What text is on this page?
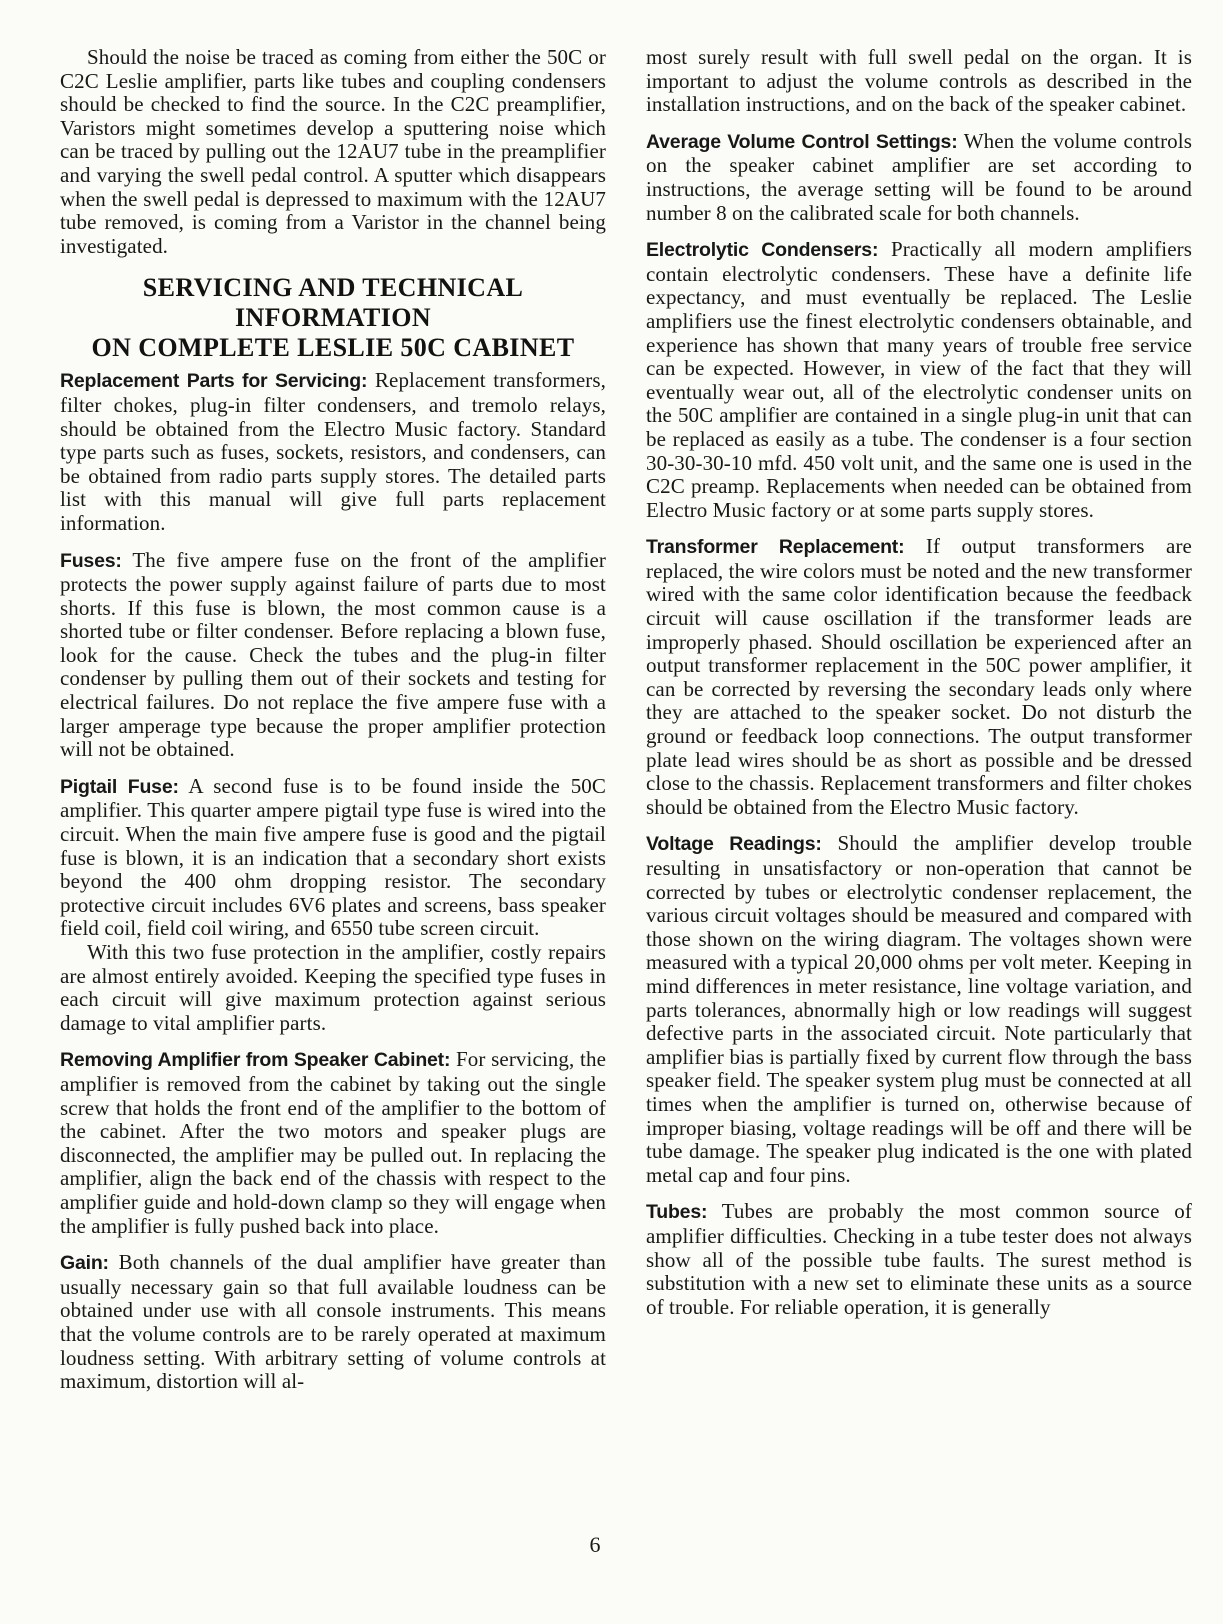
Should the noise be traced as coming from either the 50C or C2C Leslie amplifier, parts like tubes and coupling condensers should be checked to find the source. In the C2C preamplifier, Varistors might sometimes develop a sputtering noise which can be traced by pulling out the 12AU7 tube in the preamplifier and varying the swell pedal control. A sputter which disappears when the swell pedal is depressed to maximum with the 12AU7 tube removed, is coming from a Varistor in the channel being investigated.

SERVICING AND TECHNICAL
INFORMATION
ON COMPLETE LESLIE 50C CABINET

Replacement Parts for Servicing: Replacement transformers, filter chokes, plug-in filter condensers, and tremolo relays, should be obtained from the Electro Music factory. Standard type parts such as fuses, sockets, resistors, and condensers, can be obtained from radio parts supply stores. The detailed parts list with this manual will give full parts replacement information.

Fuses: The five ampere fuse on the front of the amplifier protects the power supply against failure of parts due to most shorts. If this fuse is blown, the most common cause is a shorted tube or filter condenser. Before replacing a blown fuse, look for the cause. Check the tubes and the plug-in filter condenser by pulling them out of their sockets and testing for electrical failures. Do not replace the five ampere fuse with a larger amperage type because the proper amplifier protection will not be obtained.

Pigtail Fuse: A second fuse is to be found inside the 50C amplifier. This quarter ampere pigtail type fuse is wired into the circuit. When the main five ampere fuse is good and the pigtail fuse is blown, it is an indication that a secondary short exists beyond the 400 ohm dropping resistor. The secondary protective circuit includes 6V6 plates and screens, bass speaker field coil, field coil wiring, and 6550 tube screen circuit.

With this two fuse protection in the amplifier, costly repairs are almost entirely avoided. Keeping the specified type fuses in each circuit will give maximum protection against serious damage to vital amplifier parts.

Removing Amplifier from Speaker Cabinet: For servicing, the amplifier is removed from the cabinet by taking out the single screw that holds the front end of the amplifier to the bottom of the cabinet. After the two motors and speaker plugs are disconnected, the amplifier may be pulled out. In replacing the amplifier, align the back end of the chassis with respect to the amplifier guide and hold-down clamp so they will engage when the amplifier is fully pushed back into place.

Gain: Both channels of the dual amplifier have greater than usually necessary gain so that full available loudness can be obtained under use with all console instruments. This means that the volume controls are to be rarely operated at maximum loudness setting. With arbitrary setting of volume controls at maximum, distortion will al-

most surely result with full swell pedal on the organ. It is important to adjust the volume controls as described in the installation instructions, and on the back of the speaker cabinet.

Average Volume Control Settings: When the volume controls on the speaker cabinet amplifier are set according to instructions, the average setting will be found to be around number 8 on the calibrated scale for both channels.

Electrolytic Condensers: Practically all modern amplifiers contain electrolytic condensers. These have a definite life expectancy, and must eventually be replaced. The Leslie amplifiers use the finest electrolytic condensers obtainable, and experience has shown that many years of trouble free service can be expected. However, in view of the fact that they will eventually wear out, all of the electrolytic condenser units on the 50C amplifier are contained in a single plug-in unit that can be replaced as easily as a tube. The condenser is a four section 30-30-30-10 mfd. 450 volt unit, and the same one is used in the C2C preamp. Replacements when needed can be obtained from Electro Music factory or at some parts supply stores.

Transformer Replacement: If output transformers are replaced, the wire colors must be noted and the new transformer wired with the same color identification because the feedback circuit will cause oscillation if the transformer leads are improperly phased. Should oscillation be experienced after an output transformer replacement in the 50C power amplifier, it can be corrected by reversing the secondary leads only where they are attached to the speaker socket. Do not disturb the ground or feedback loop connections. The output transformer plate lead wires should be as short as possible and be dressed close to the chassis. Replacement transformers and filter chokes should be obtained from the Electro Music factory.

Voltage Readings: Should the amplifier develop trouble resulting in unsatisfactory or non-operation that cannot be corrected by tubes or electrolytic condenser replacement, the various circuit voltages should be measured and compared with those shown on the wiring diagram. The voltages shown were measured with a typical 20,000 ohms per volt meter. Keeping in mind differences in meter resistance, line voltage variation, and parts tolerances, abnormally high or low readings will suggest defective parts in the associated circuit. Note particularly that amplifier bias is partially fixed by current flow through the bass speaker field. The speaker system plug must be connected at all times when the amplifier is turned on, otherwise because of improper biasing, voltage readings will be off and there will be tube damage. The speaker plug indicated is the one with plated metal cap and four pins.

Tubes: Tubes are probably the most common source of amplifier difficulties. Checking in a tube tester does not always show all of the possible tube faults. The surest method is substitution with a new set to eliminate these units as a source of trouble. For reliable operation, it is generally

6
